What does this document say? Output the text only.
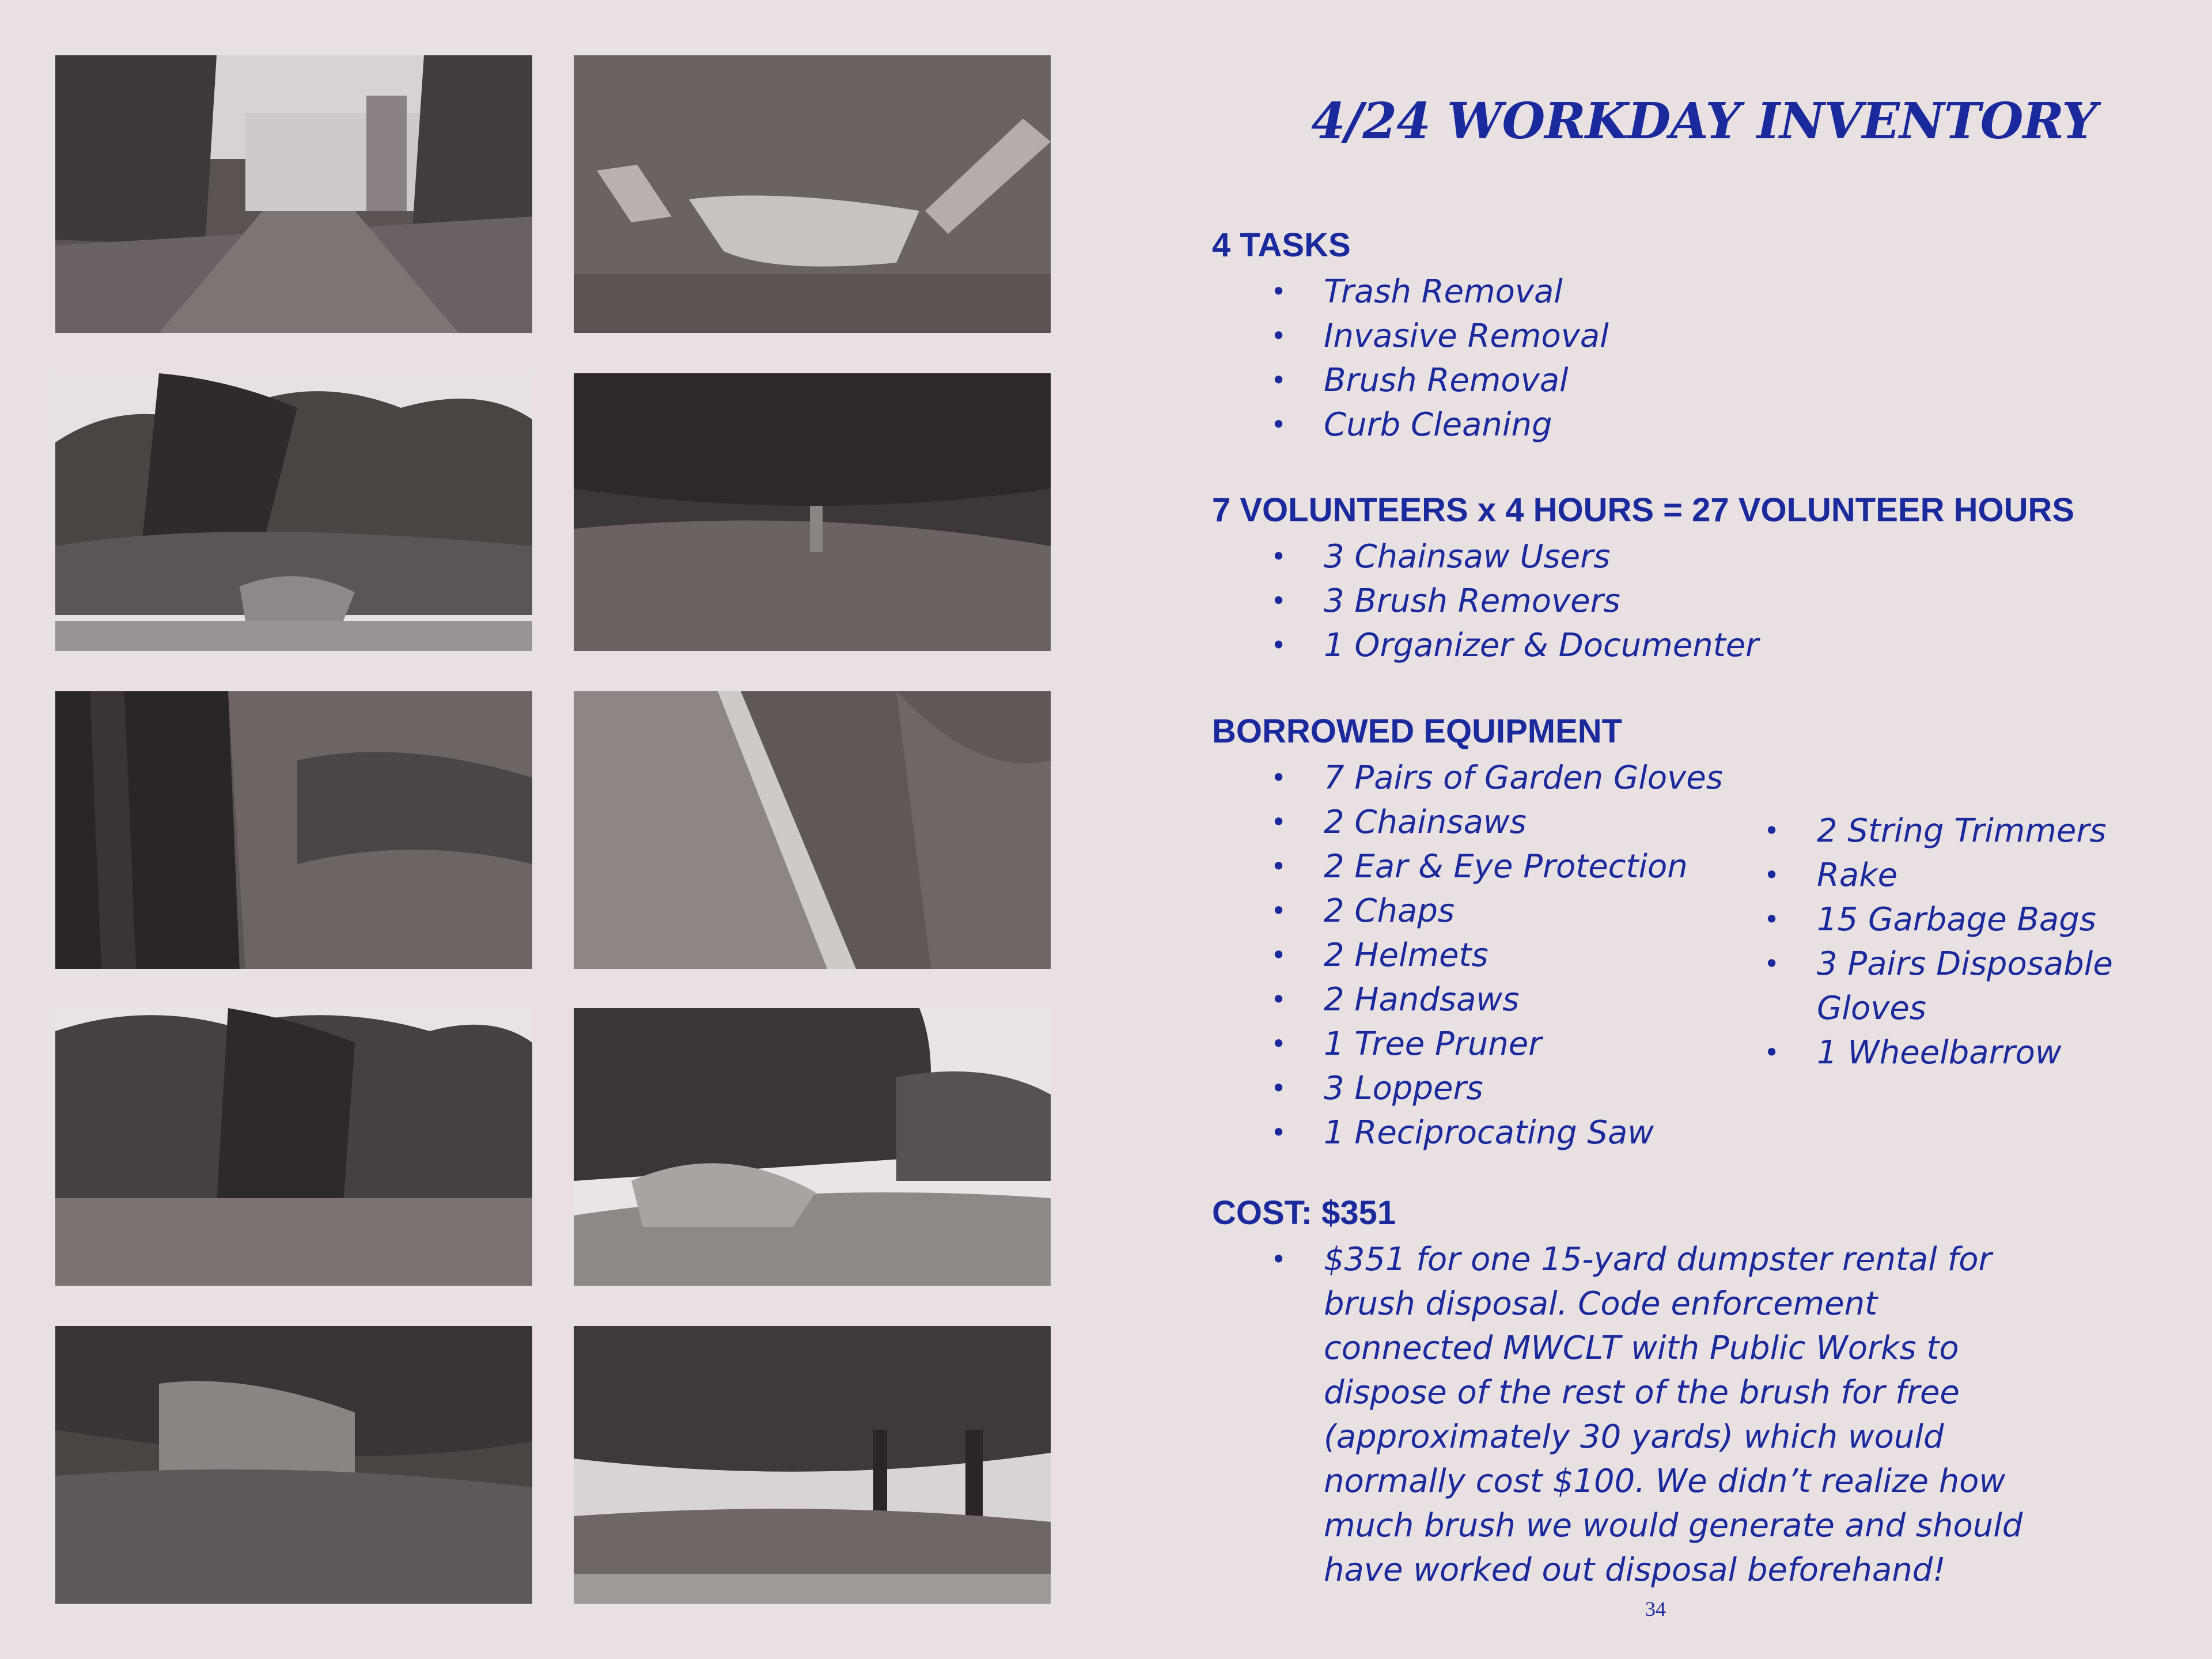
4/24 WORKDAY INVENTORY
4 TASKS
• Trash Removal
• Invasive Removal
• Brush Removal
• Curb Cleaning
7 VOLUNTEERS x 4 HOURS = 27 VOLUNTEER HOURS
• 3 Chainsaw Users
• 3 Brush Removers
• 1 Organizer & Documenter
BORROWED EQUIPMENT
• 7 Pairs of Garden Gloves
• 2 Chainsaws
• 2 Ear & Eye Protection
• 2 Chaps
• 2 Helmets
• 2 Handsaws
• 1 Tree Pruner
• 3 Loppers
• 1 Reciprocating Saw
• 2 String Trimmers
• Rake
• 15 Garbage Bags
• 3 Pairs Disposable Gloves
• 1 Wheelbarrow
COST: $351
• $351 for one 15-yard dumpster rental for brush disposal. Code enforcement connected MWCLT with Public Works to dispose of the rest of the brush for free (approximately 30 yards) which would normally cost $100. We didn’t realize how much brush we would generate and should have worked out disposal beforehand!
34
